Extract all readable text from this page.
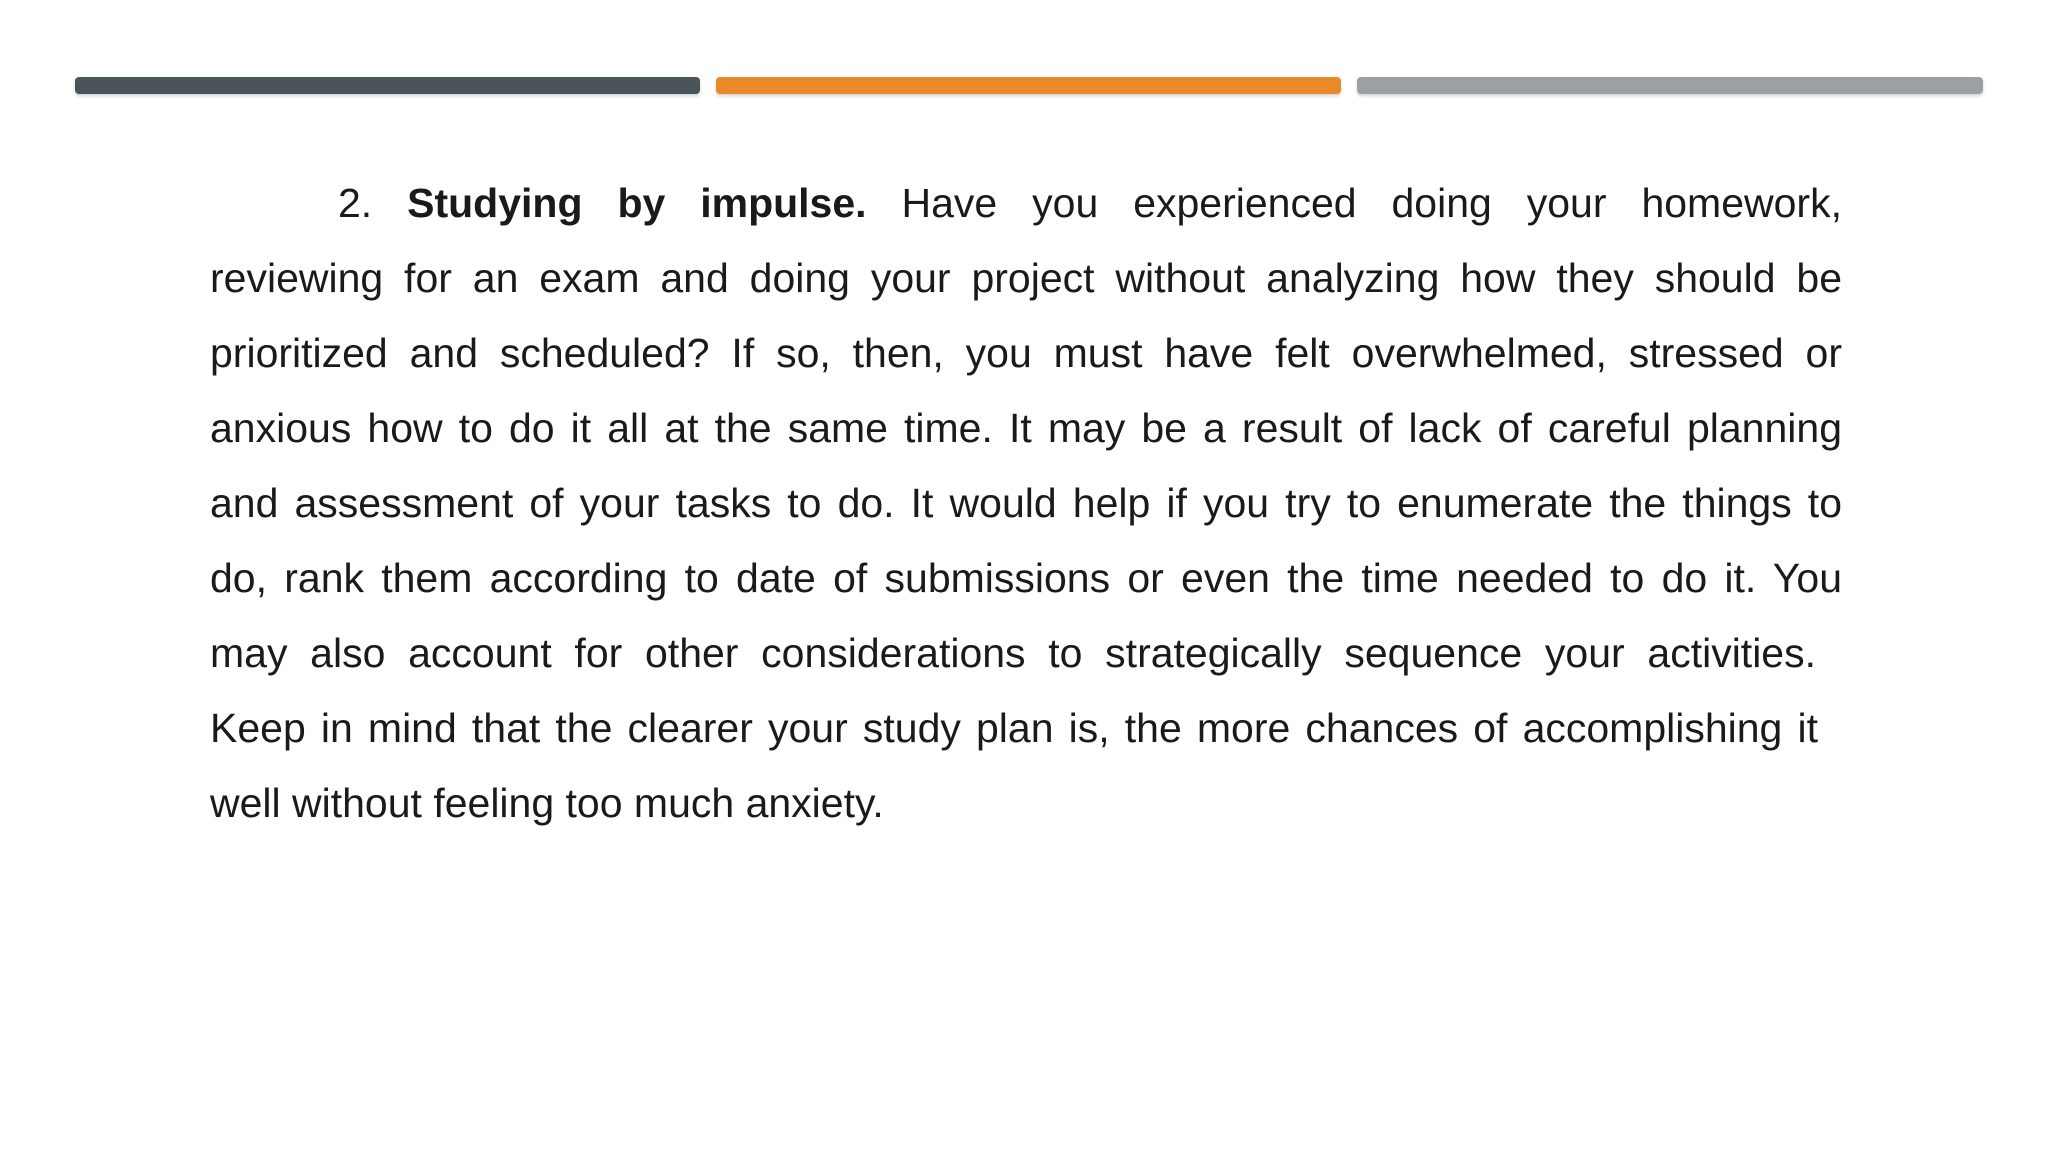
2. Studying by impulse. Have you experienced doing your homework,
reviewing for an exam and doing your project without analyzing how they should be
prioritized and scheduled? If so, then, you must have felt overwhelmed, stressed or
anxious how to do it all at the same time. It may be a result of lack of careful planning
and assessment of your tasks to do. It would help if you try to enumerate the things to
do, rank them according to date of submissions or even the time needed to do it. You
may also account for other considerations to strategically sequence your activities.
Keep in mind that the clearer your study plan is, the more chances of accomplishing it
well without feeling too much anxiety.
